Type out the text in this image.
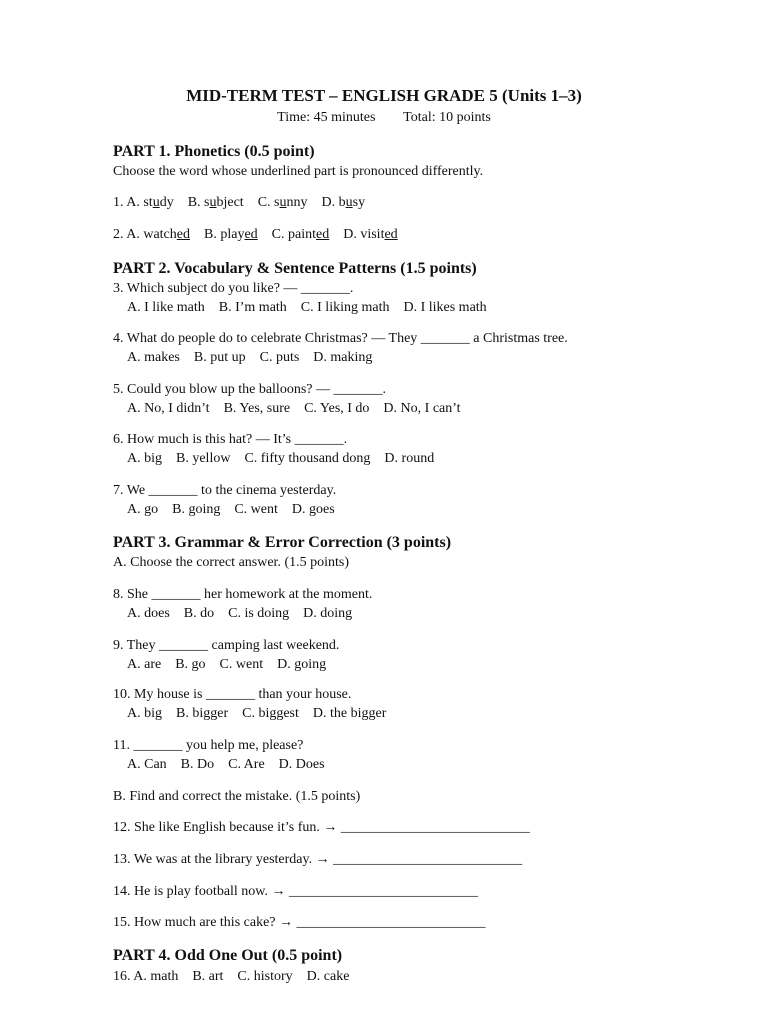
MID-TERM TEST – ENGLISH GRADE 5 (Units 1–3)
Time: 45 minutes        Total: 10 points
PART 1. Phonetics (0.5 point)
Choose the word whose underlined part is pronounced differently.
1. A. study    B. subject    C. sunny    D. busy
2. A. watched B. played C. painted D. visited
PART 2. Vocabulary & Sentence Patterns (1.5 points)
3. Which subject do you like? — _______.
A. I like math    B. I’m math    C. I liking math    D. I likes math
4. What do people do to celebrate Christmas? — They _______ a Christmas tree.
A. makes    B. put up    C. puts    D. making
5. Could you blow up the balloons? — _______.
A. No, I didn’t    B. Yes, sure    C. Yes, I do    D. No, I can’t
6. How much is this hat? — It’s _______.
A. big    B. yellow    C. fifty thousand dong    D. round
7. We _______ to the cinema yesterday.
A. go    B. going    C. went    D. goes
PART 3. Grammar & Error Correction (3 points)
A. Choose the correct answer. (1.5 points)
8. She _______ her homework at the moment.
A. does    B. do    C. is doing    D. doing
9. They _______ camping last weekend.
A. are    B. go    C. went    D. going
10. My house is _______ than your house.
A. big    B. bigger    C. biggest    D. the bigger
11. _______ you help me, please?
A. Can    B. Do    C. Are    D. Does
B. Find and correct the mistake. (1.5 points)
12. She like English because it’s fun. → ___________________________
13. We was at the library yesterday. → ___________________________
14. He is play football now. → ___________________________
15. How much are this cake? → ___________________________
PART 4. Odd One Out (0.5 point)
16. A. math    B. art    C. history    D. cake
